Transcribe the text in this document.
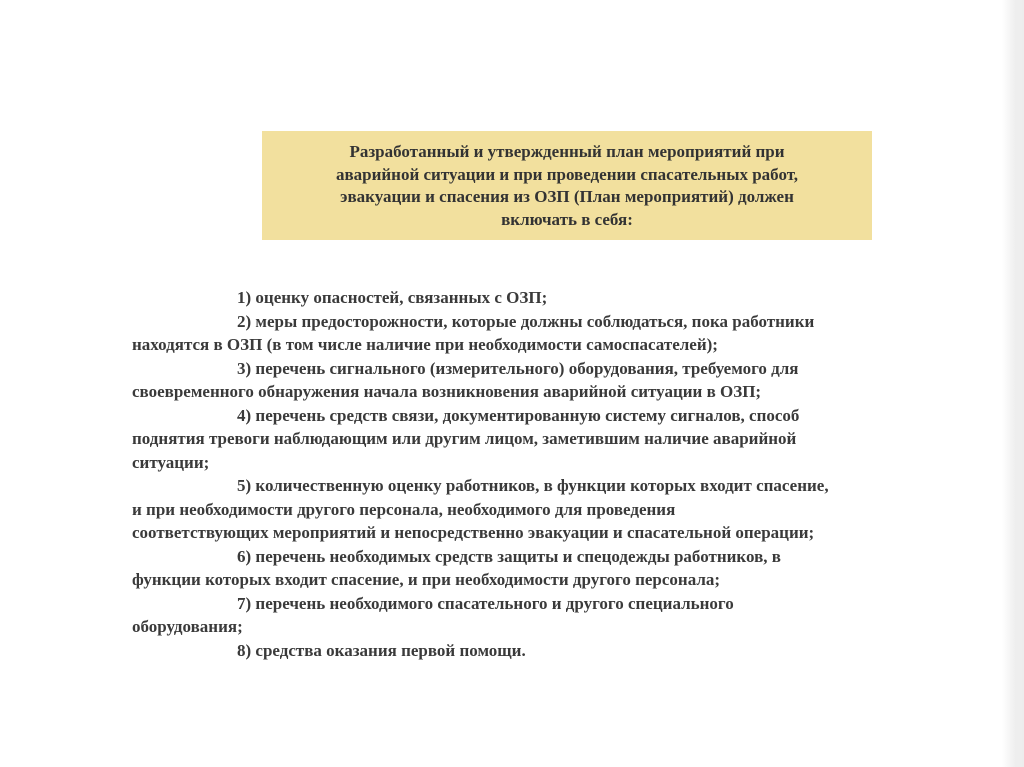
Разработанный и утвержденный план мероприятий при
аварийной ситуации и при проведении спасательных работ,
эвакуации и спасения из ОЗП (План мероприятий) должен
включать в себя:
1) оценку опасностей, связанных с ОЗП;
2) меры предосторожности, которые должны соблюдаться, пока работники
находятся в ОЗП (в том числе наличие при необходимости самоспасателей);
3) перечень сигнального (измерительного) оборудования, требуемого для
своевременного обнаружения начала возникновения аварийной ситуации в ОЗП;
4) перечень средств связи, документированную систему сигналов, способ
поднятия тревоги наблюдающим или другим лицом, заметившим наличие аварийной
ситуации;
5) количественную оценку работников, в функции которых входит спасение,
и при необходимости другого персонала, необходимого для проведения
соответствующих мероприятий и непосредственно эвакуации и спасательной операции;
6) перечень необходимых средств защиты и спецодежды работников, в
функции которых входит спасение, и при необходимости другого персонала;
7) перечень необходимого спасательного и другого специального
оборудования;
8) средства оказания первой помощи.
